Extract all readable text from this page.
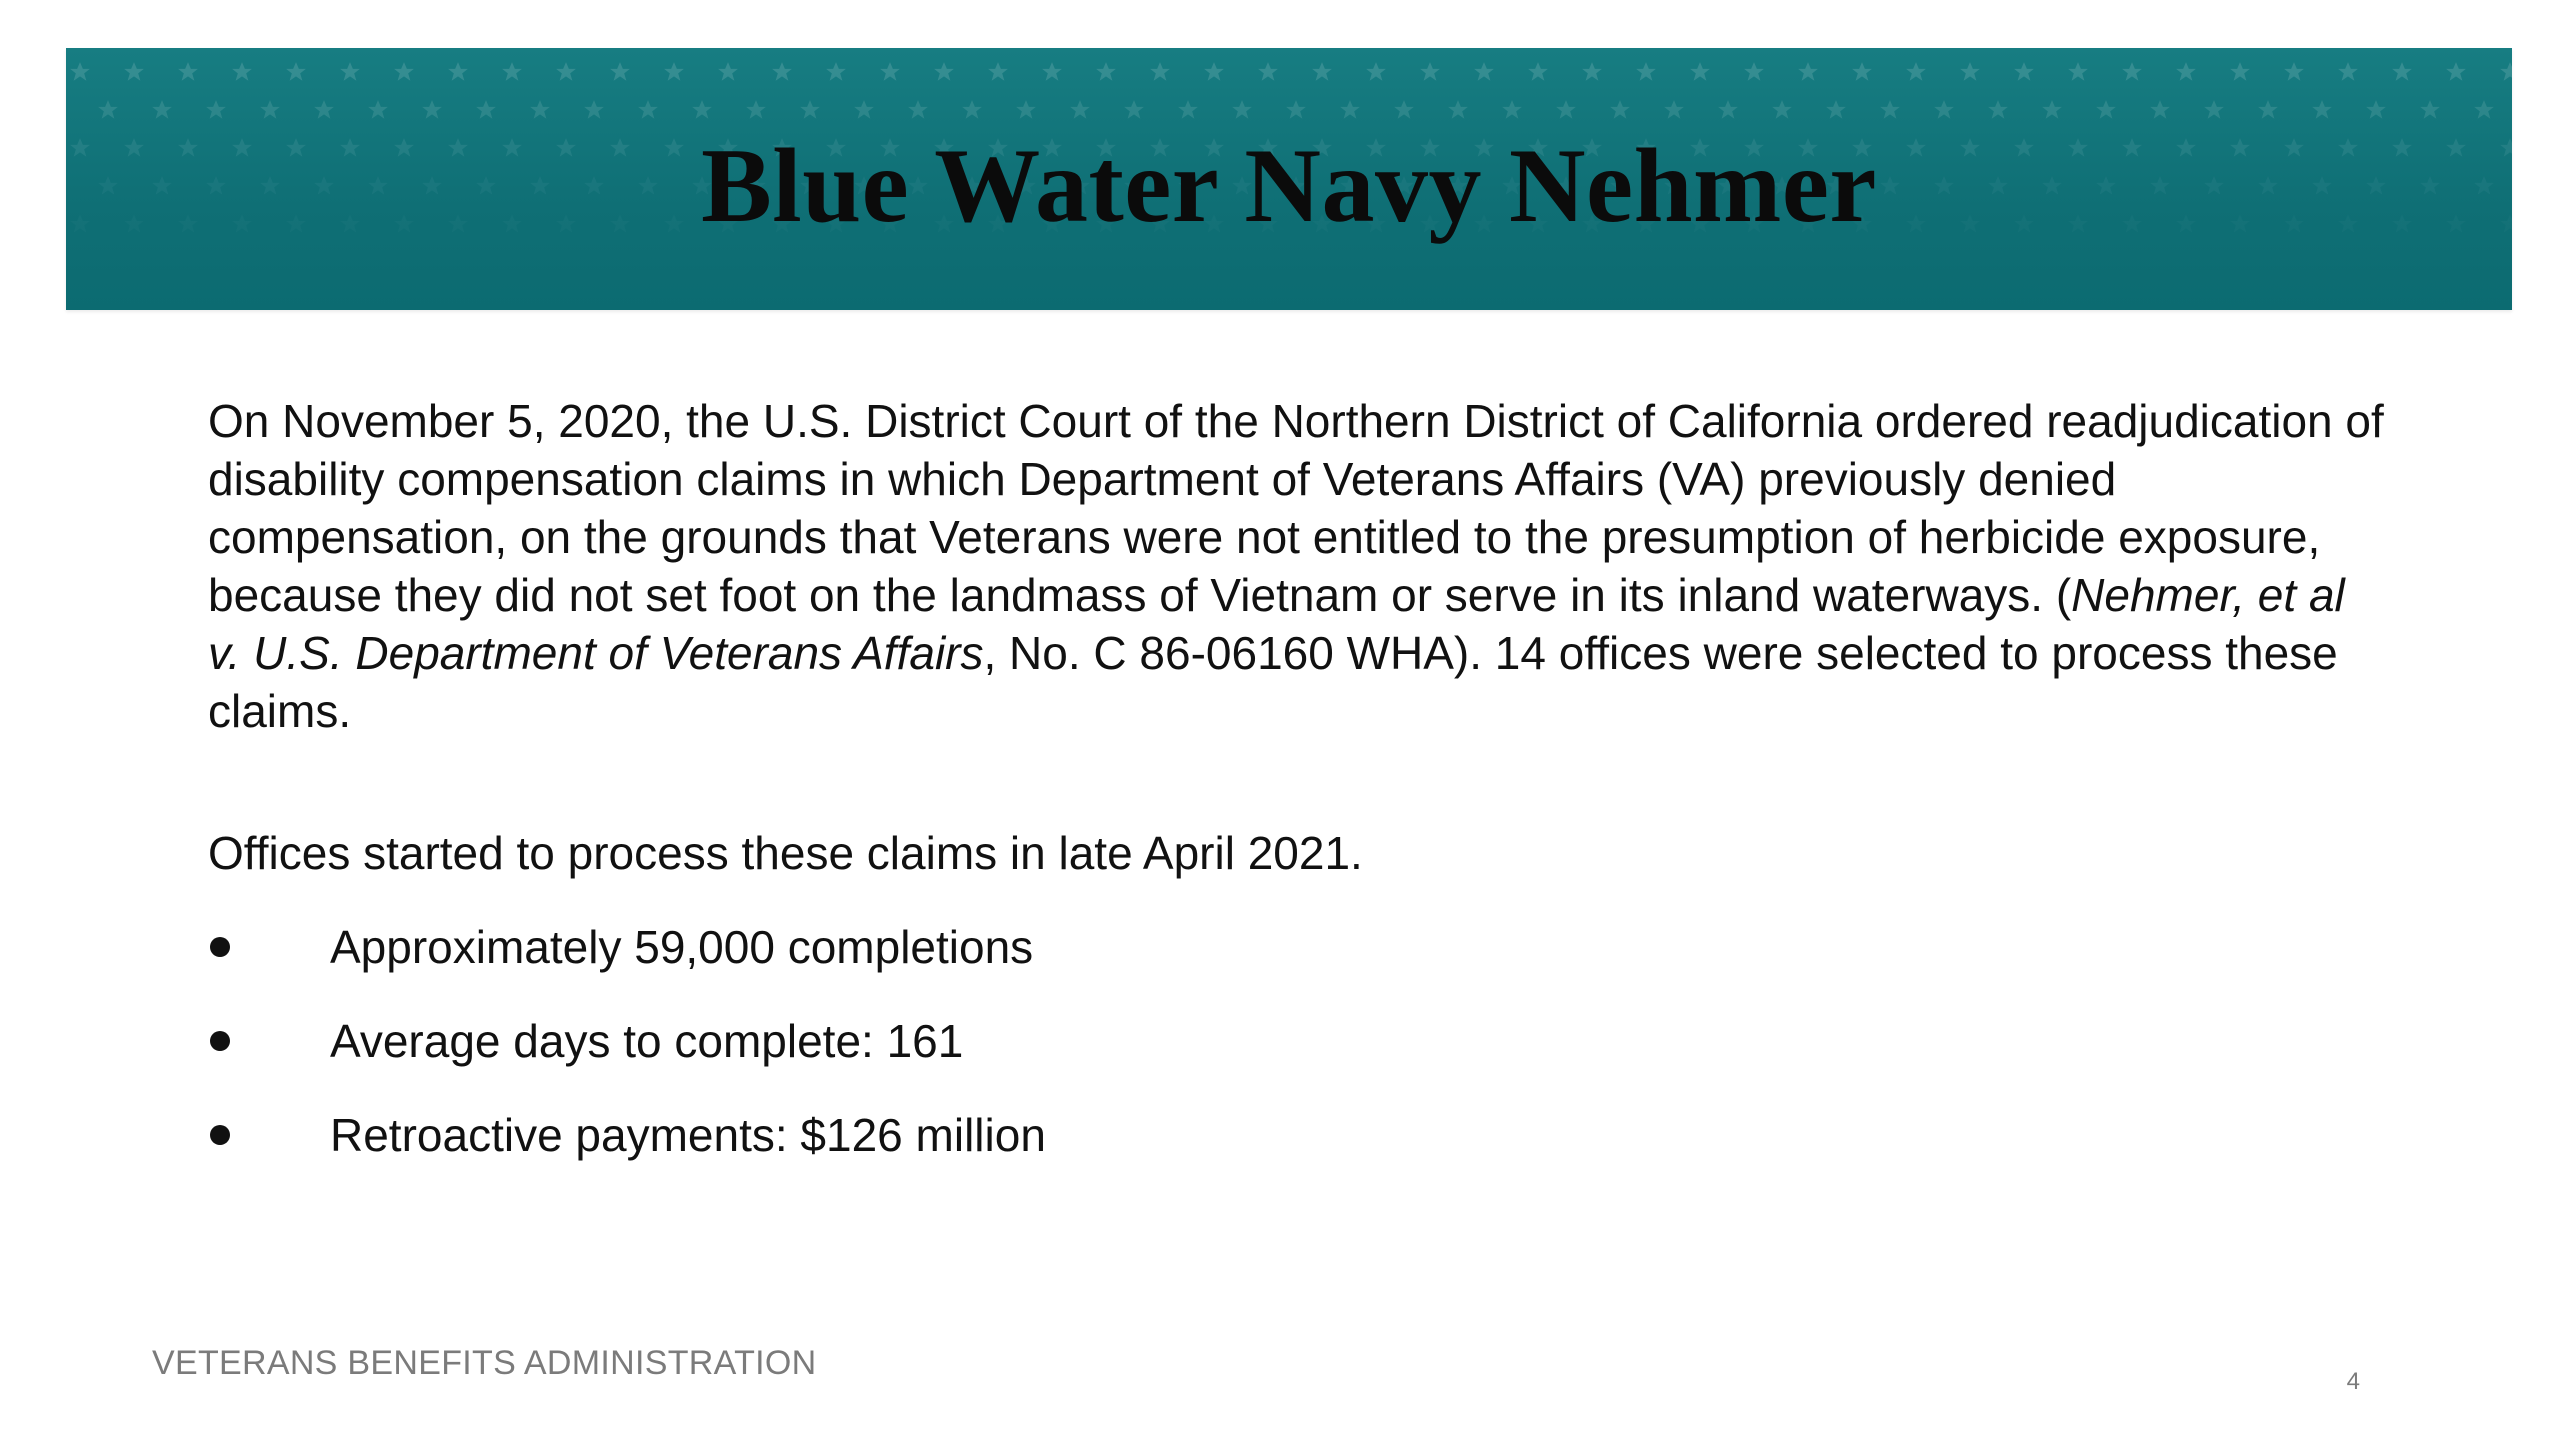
Blue Water Navy Nehmer

On November 5, 2020, the U.S. District Court of the Northern District of California ordered readjudication of disability compensation claims in which Department of Veterans Affairs (VA) previously denied compensation, on the grounds that Veterans were not entitled to the presumption of herbicide exposure, because they did not set foot on the landmass of Vietnam or serve in its inland waterways. (Nehmer, et al v. U.S. Department of Veterans Affairs, No. C 86-06160 WHA). 14 offices were selected to process these claims.

Offices started to process these claims in late April 2021.

Approximately 59,000 completions
Average days to complete: 161
Retroactive payments: $126 million
VETERANS BENEFITS ADMINISTRATION	4
